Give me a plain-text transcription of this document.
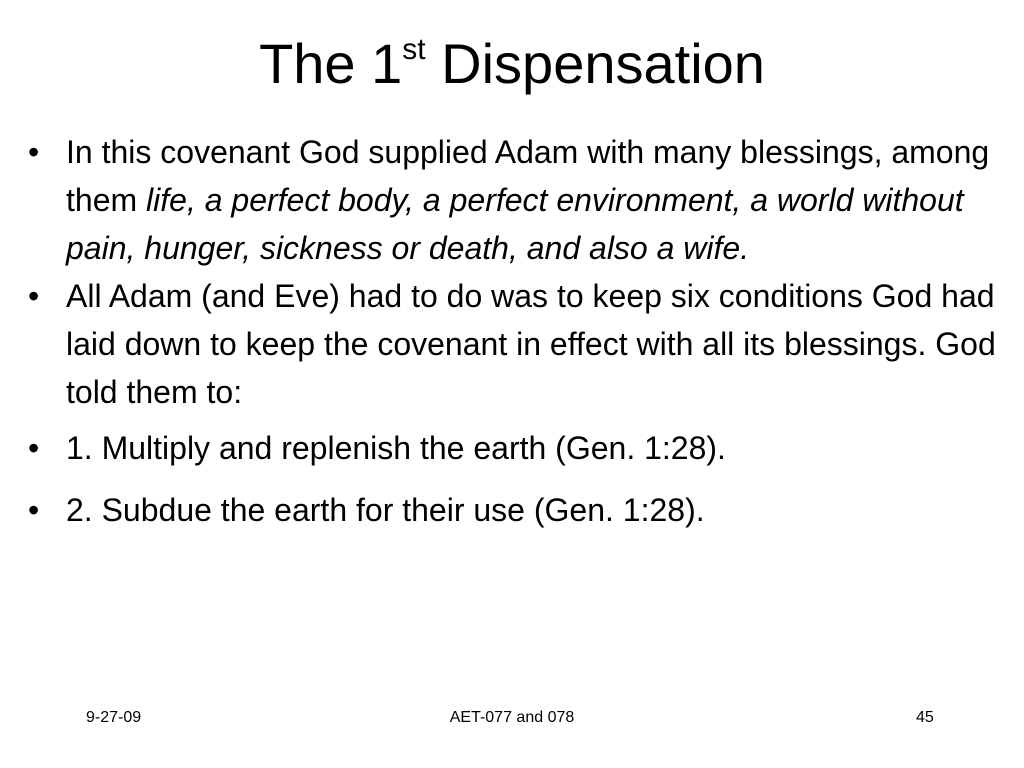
The 1st Dispensation
• In this covenant God supplied Adam with many blessings, among them life, a perfect body, a perfect environment, a world without pain, hunger, sickness or death, and also a wife.
• All Adam (and Eve) had to do was to keep six conditions God had laid down to keep the covenant in effect with all its blessings. God told them to:
• 1. Multiply and replenish the earth (Gen. 1:28).
• 2. Subdue the earth for their use (Gen. 1:28).
AET-077 and 078
9-27-09	45
